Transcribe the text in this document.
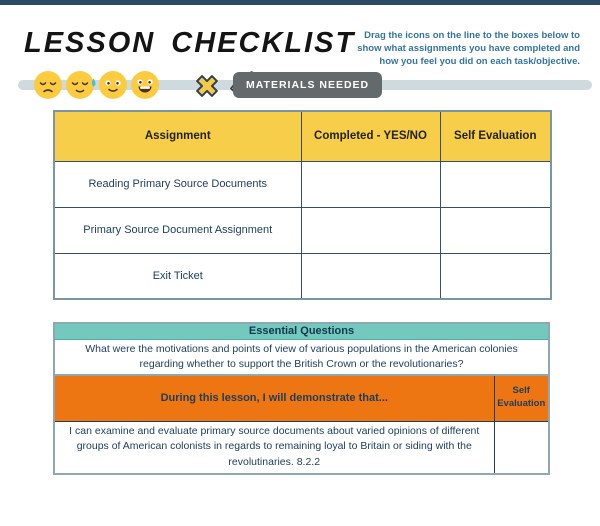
LESSON CHECKLIST Drag the icons on the line to the boxes below to show what assignments you have completed and how you feel you did on each task/objective.

MATERIALS NEEDED
Assignment	Completed - YES/NO	Self Evaluation
Reading Primary Source Documents		
Primary Source Document Assignment		
Exit Ticket		
Essential Questions
What were the motivations and points of view of various populations in the American colonies regarding whether to support the British Crown or the revolutionaries?
During this lesson, I will demonstrate that...	Self Evaluation
I can examine and evaluate primary source documents about varied opinions of different groups of American colonists in regards to remaining loyal to Britain or siding with the revolutinaries. 8.2.2	
